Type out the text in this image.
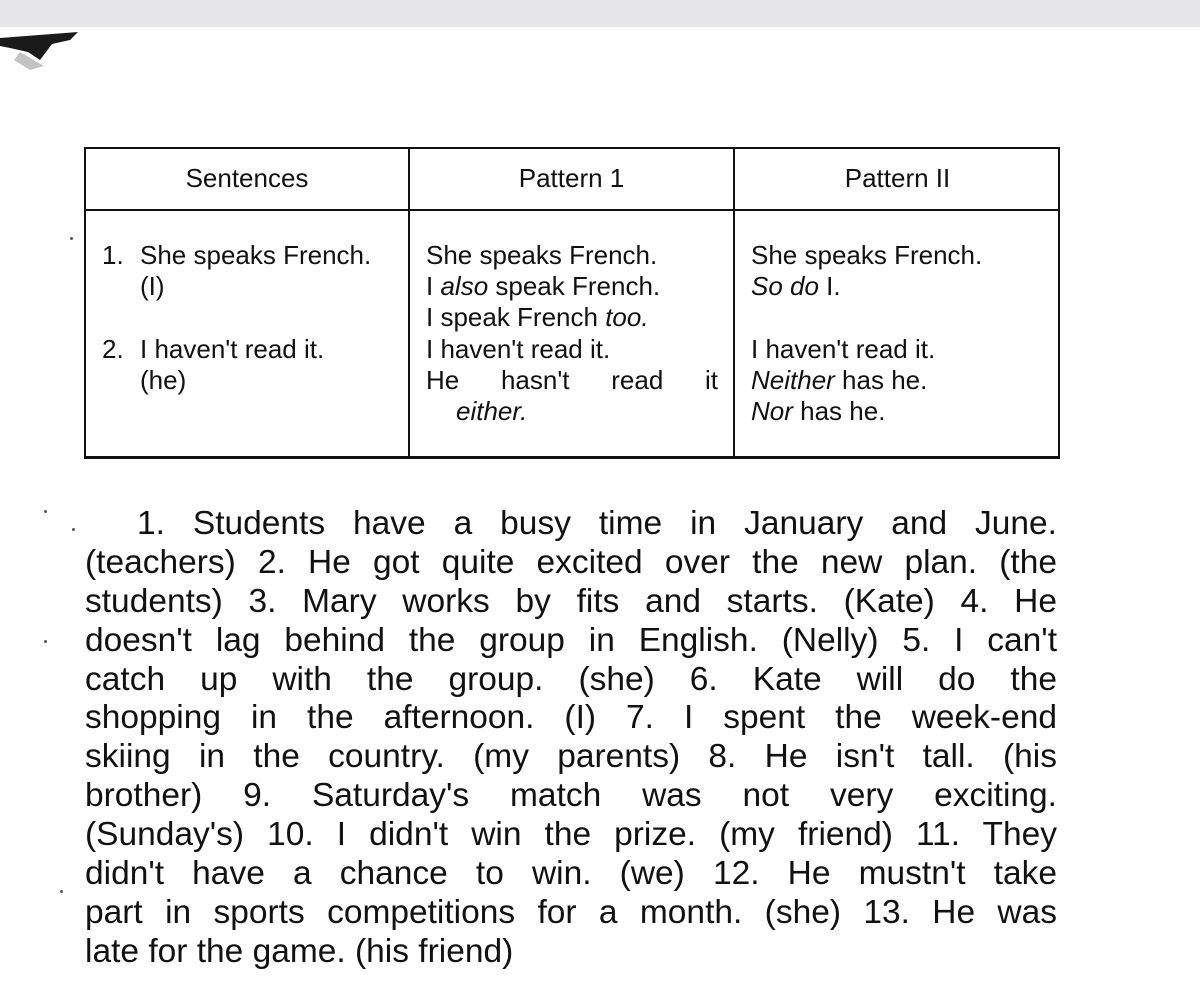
Sentences
1. She speaks French.
(I)
2. I haven't read it.
(he)
Pattern 1
She speaks French.
I also speak French.
I speak French too.
I haven't read it.
He hasn't read it
either.
Pattern II
She speaks French.
So do I.
I haven't read it.
Neither has he.
Nor has he.
1. Students have a busy time in January and June.
(teachers) 2. He got quite excited over the new plan. (the
students) 3. Mary works by fits and starts. (Kate) 4. He
doesn't lag behind the group in English. (Nelly) 5. I can't
catch up with the group. (she) 6. Kate will do the
shopping in the afternoon. (I) 7. I spent the week-end
skiing in the country. (my parents) 8. He isn't tall. (his
brother) 9. Saturday's match was not very exciting.
(Sunday's) 10. I didn't win the prize. (my friend) 11. They
didn't have a chance to win. (we) 12. He mustn't take
part in sports competitions for a month. (she) 13. He was
late for the game. (his friend)
